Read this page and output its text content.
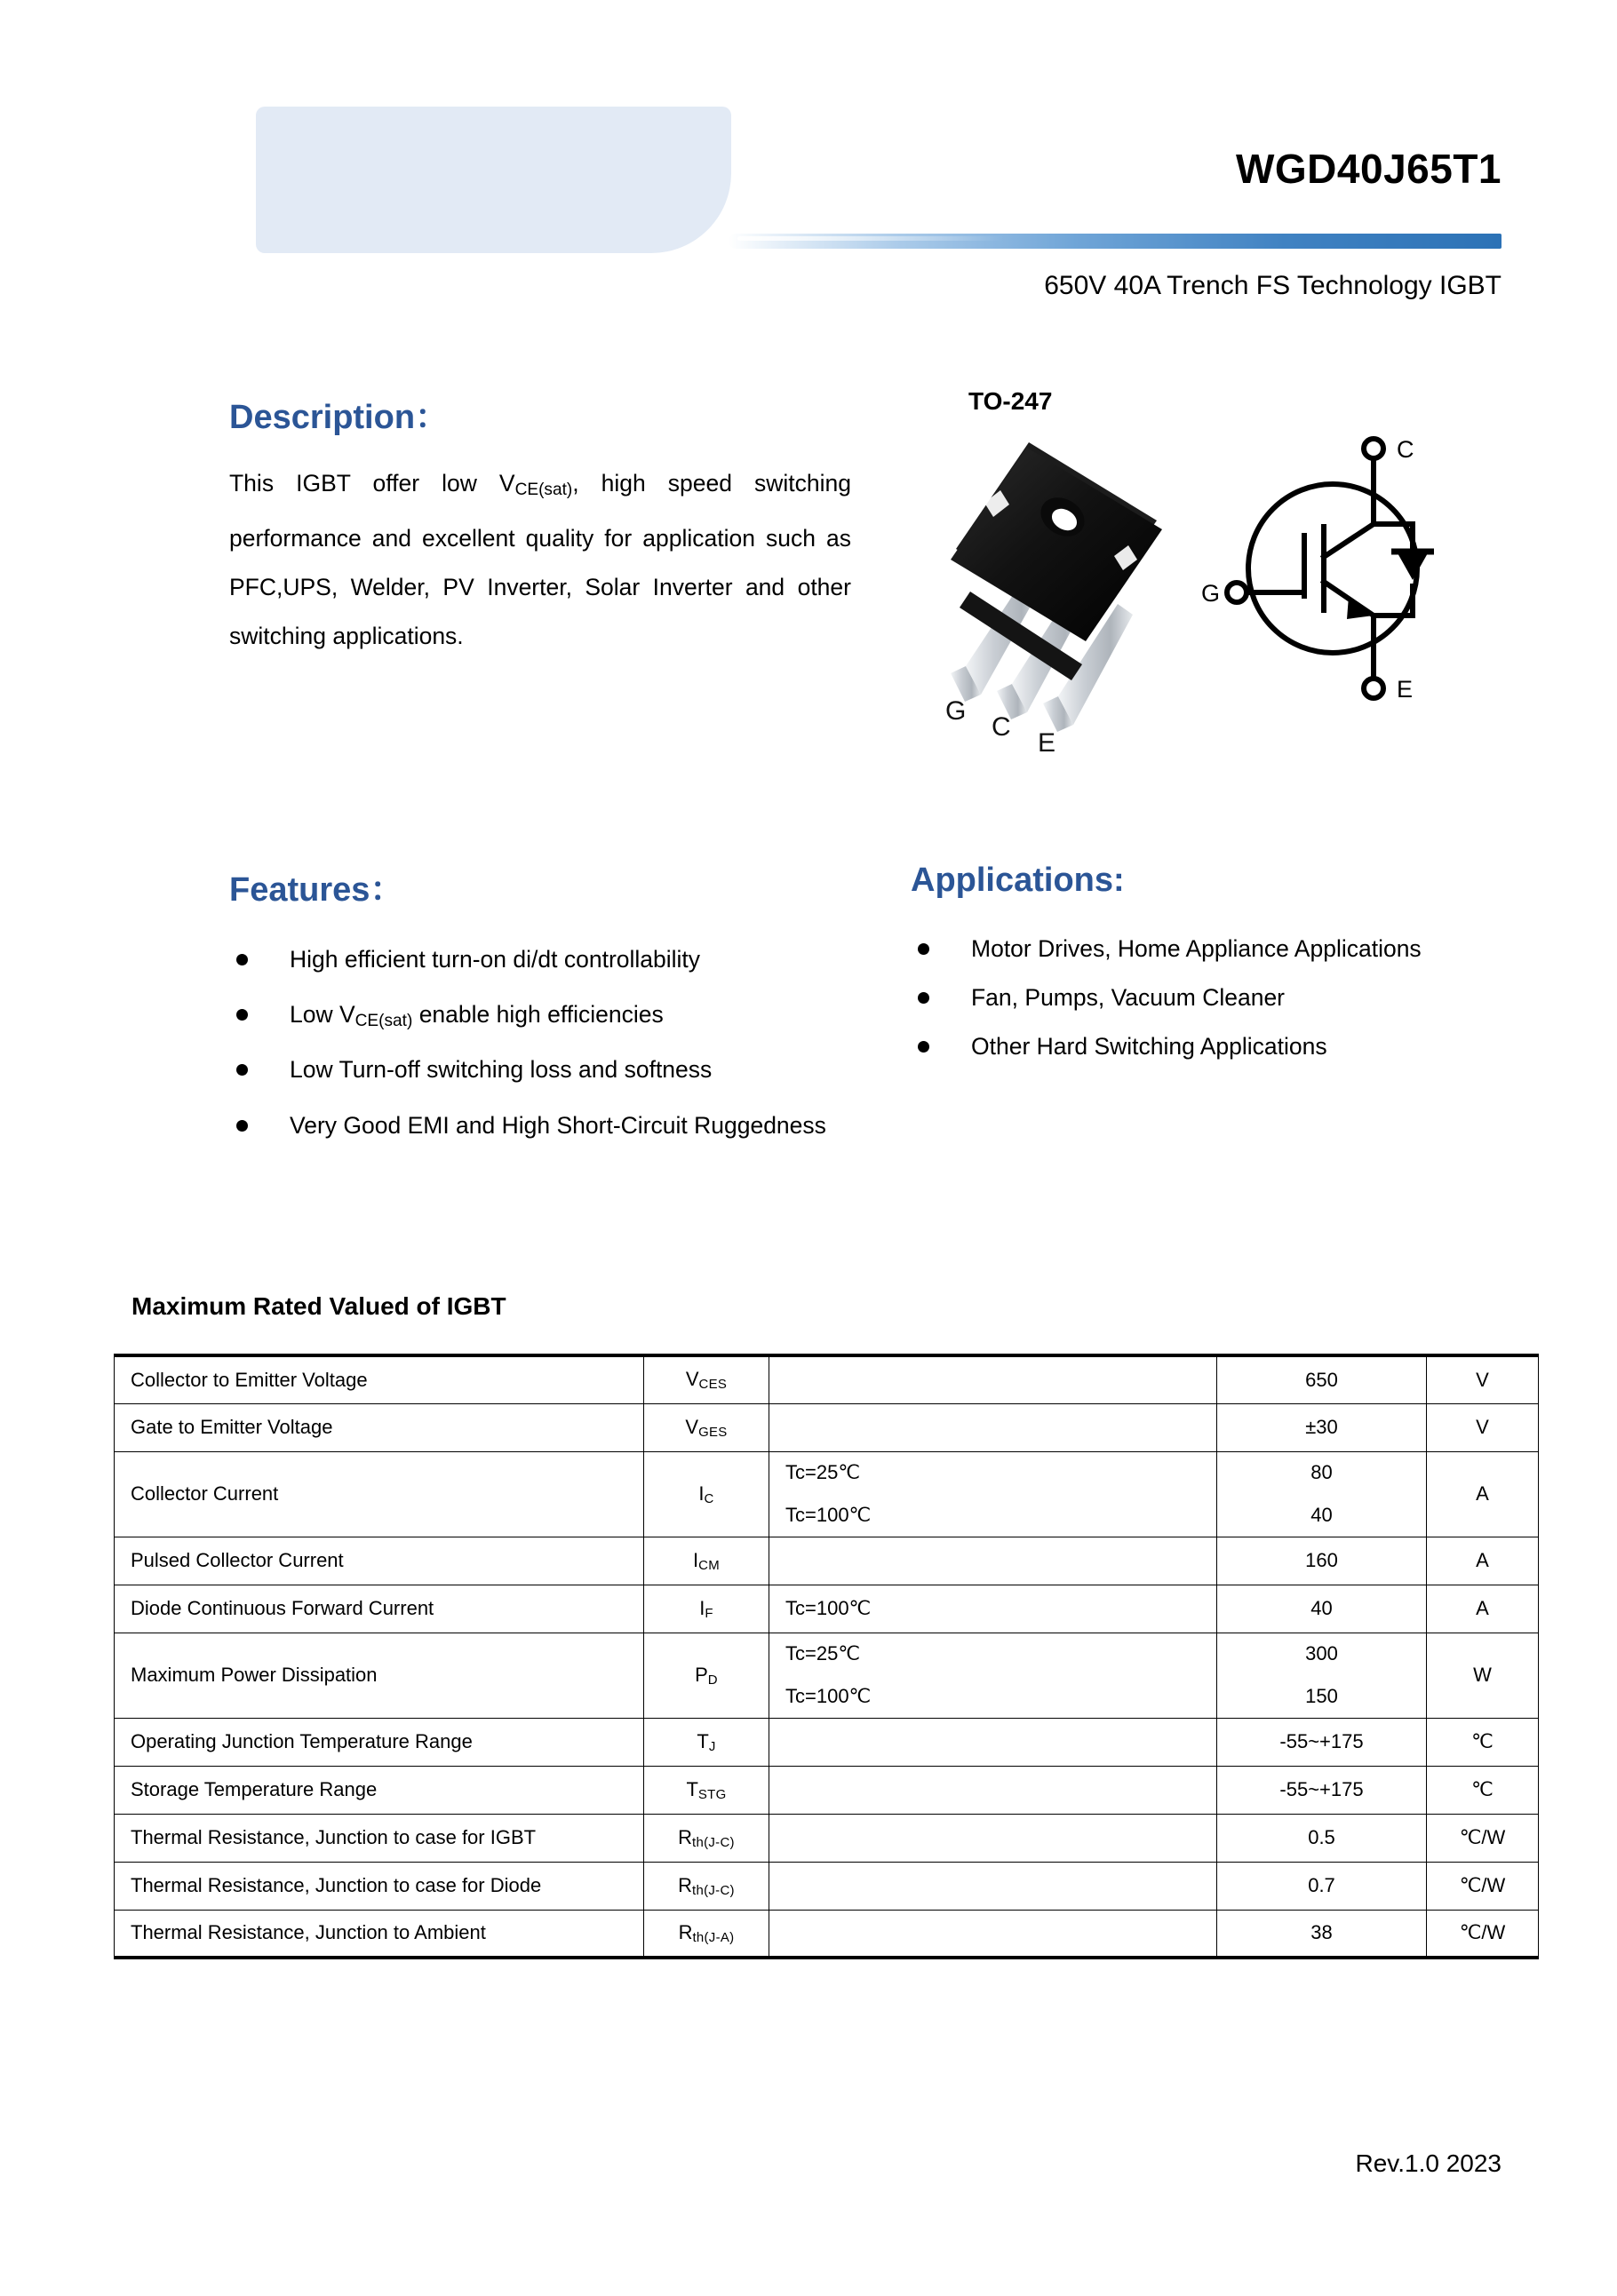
WGD40J65T1
650V 40A Trench FS Technology IGBT
Description：
This IGBT offer low $V_{CE(sat)}$, high speed switching performance and excellent quality for application such as PFC,UPS, Welder, PV Inverter, Solar Inverter and other switching applications.
TO-247
G
C
E
C
E
G
Features：
High efficient turn-on di/dt controllability
Low $V_{CE(sat)}$ enable high efficiencies
Low Turn-off switching loss and softness
Very Good EMI and High Short-Circuit Ruggedness
Applications:
Motor Drives, Home Appliance Applications
Fan, Pumps, Vacuum Cleaner
Other Hard Switching Applications
Maximum Rated Valued of IGBT
Collector to Emitter Voltage	$V_{CES}$		650	V
Gate to Emitter Voltage	$V_{GES}$		±30	V
Collector Current	$I_C$	Tc=25℃	80	A
		Tc=100℃	40	
Pulsed Collector Current	$I_{CM}$		160	A
Diode Continuous Forward Current	$I_F$	Tc=100℃	40	A
Maximum Power Dissipation	$P_D$	Tc=25℃	300	W
		Tc=100℃	150	
Operating Junction Temperature Range	$T_J$		-55~+175	℃
Storage Temperature Range	$T_{STG}$		-55~+175	℃
Thermal Resistance, Junction to case for IGBT	$R_{th(J-C)}$		0.5	℃/W
Thermal Resistance, Junction to case for Diode	$R_{th(J-C)}$		0.7	℃/W
Thermal Resistance, Junction to Ambient	$R_{th(J-A)}$		38	℃/W
Rev.1.0 2023
